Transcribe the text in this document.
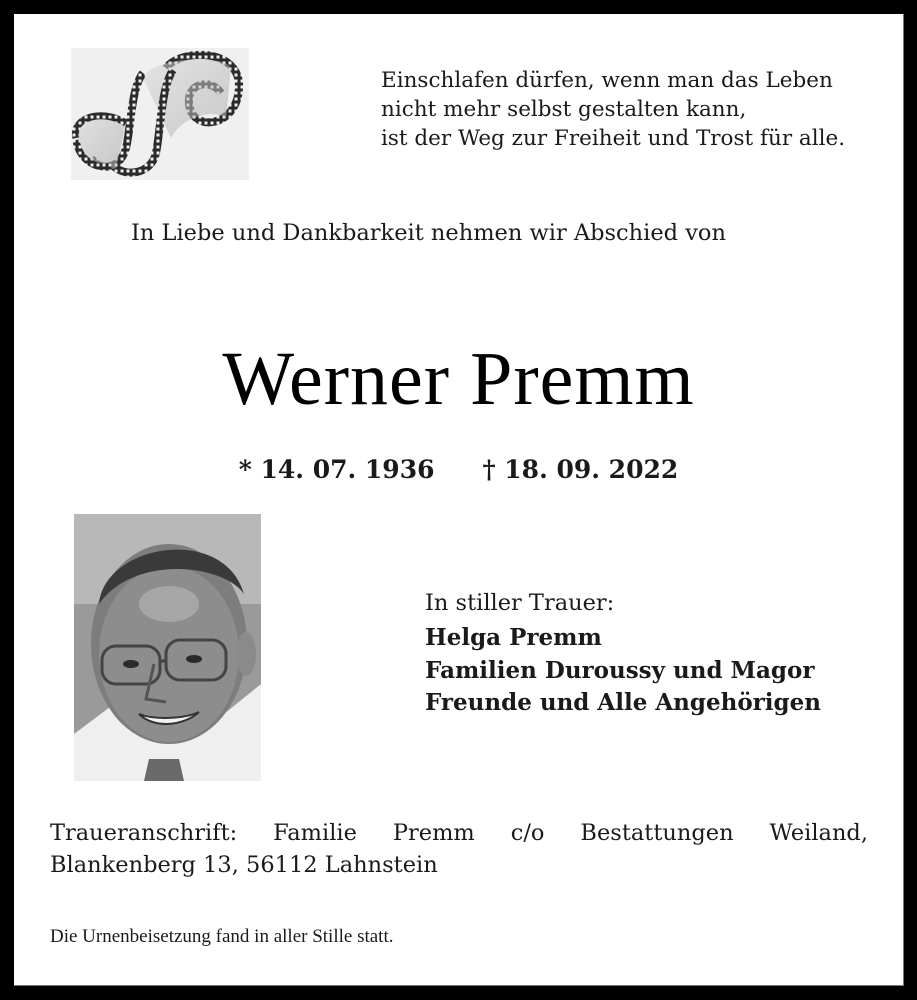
Einschlafen dürfen, wenn man das Leben
nicht mehr selbst gestalten kann,
ist der Weg zur Freiheit und Trost für alle.
In Liebe und Dankbarkeit nehmen wir Abschied von
Werner Premm
* 14. 07. 1936 † 18. 09. 2022
In stiller Trauer:
Helga Premm
Familien Duroussy und Magor
Freunde und Alle Angehörigen
Traueranschrift: Familie Premm c/o Bestattungen Weiland,
Blankenberg 13, 56112 Lahnstein
Die Urnenbeisetzung fand in aller Stille statt.
